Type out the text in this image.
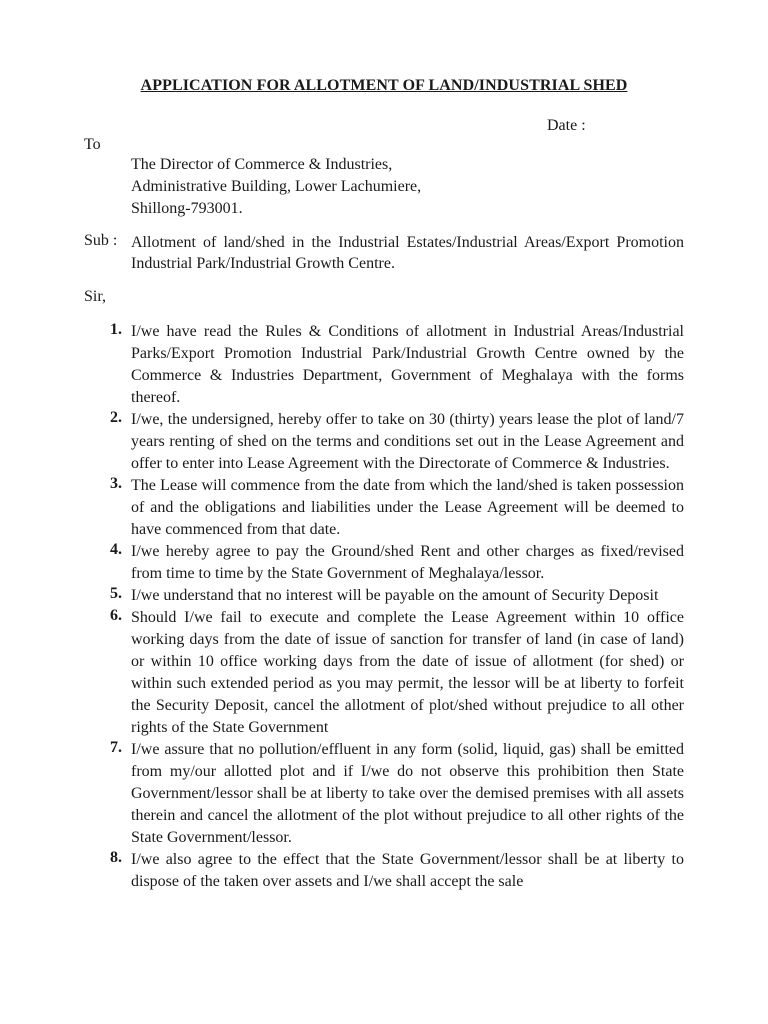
APPLICATION FOR ALLOTMENT OF LAND/INDUSTRIAL SHED
Date :
To
The Director of Commerce & Industries,
Administrative Building, Lower Lachumiere,
Shillong-793001.
Sub : Allotment of land/shed in the Industrial Estates/Industrial Areas/Export Promotion Industrial Park/Industrial Growth Centre.
Sir,
1. I/we have read the Rules & Conditions of allotment in Industrial Areas/Industrial Parks/Export Promotion Industrial Park/Industrial Growth Centre owned by the Commerce & Industries Department, Government of Meghalaya with the forms thereof.
2. I/we, the undersigned, hereby offer to take on 30 (thirty) years lease the plot of land/7 years renting of shed on the terms and conditions set out in the Lease Agreement and offer to enter into Lease Agreement with the Directorate of Commerce & Industries.
3. The Lease will commence from the date from which the land/shed is taken possession of and the obligations and liabilities under the Lease Agreement will be deemed to have commenced from that date.
4. I/we hereby agree to pay the Ground/shed Rent and other charges as fixed/revised from time to time by the State Government of Meghalaya/lessor.
5. I/we understand that no interest will be payable on the amount of Security Deposit
6. Should I/we fail to execute and complete the Lease Agreement within 10 office working days from the date of issue of sanction for transfer of land (in case of land) or within 10 office working days from the date of issue of allotment (for shed) or within such extended period as you may permit, the lessor will be at liberty to forfeit the Security Deposit, cancel the allotment of plot/shed without prejudice to all other rights of the State Government
7. I/we assure that no pollution/effluent in any form (solid, liquid, gas) shall be emitted from my/our allotted plot and if I/we do not observe this prohibition then State Government/lessor shall be at liberty to take over the demised premises with all assets therein and cancel the allotment of the plot without prejudice to all other rights of the State Government/lessor.
8. I/we also agree to the effect that the State Government/lessor shall be at liberty to dispose of the taken over assets and I/we shall accept the sale
